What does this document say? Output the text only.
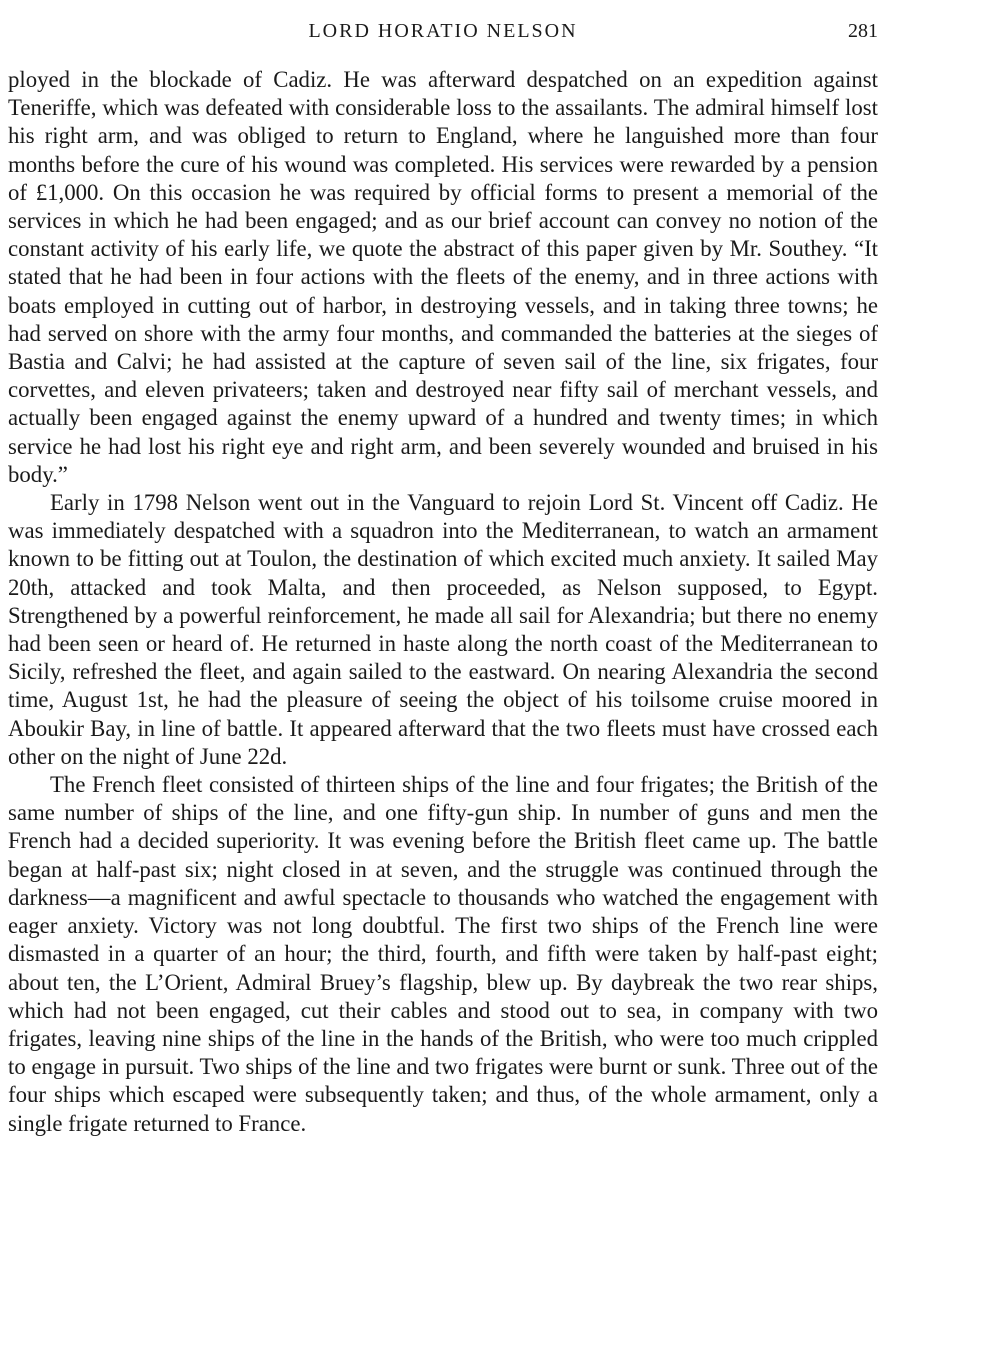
LORD HORATIO NELSON	281

ployed in the blockade of Cadiz. He was afterward despatched on an expedition against Teneriffe, which was defeated with considerable loss to the assailants. The admiral himself lost his right arm, and was obliged to return to England, where he languished more than four months before the cure of his wound was completed. His services were rewarded by a pension of £1,000. On this occasion he was required by official forms to present a memorial of the services in which he had been engaged; and as our brief account can convey no notion of the constant activity of his early life, we quote the abstract of this paper given by Mr. Southey. “It stated that he had been in four actions with the fleets of the enemy, and in three actions with boats employed in cutting out of harbor, in destroying vessels, and in taking three towns; he had served on shore with the army four months, and commanded the batteries at the sieges of Bastia and Calvi; he had assisted at the capture of seven sail of the line, six frigates, four corvettes, and eleven privateers; taken and destroyed near fifty sail of merchant vessels, and actually been engaged against the enemy upward of a hundred and twenty times; in which service he had lost his right eye and right arm, and been severely wounded and bruised in his body.”

Early in 1798 Nelson went out in the Vanguard to rejoin Lord St. Vincent off Cadiz. He was immediately despatched with a squadron into the Mediterranean, to watch an armament known to be fitting out at Toulon, the destination of which excited much anxiety. It sailed May 20th, attacked and took Malta, and then proceeded, as Nelson supposed, to Egypt. Strengthened by a powerful reinforcement, he made all sail for Alexandria; but there no enemy had been seen or heard of. He returned in haste along the north coast of the Mediterranean to Sicily, refreshed the fleet, and again sailed to the eastward. On nearing Alexandria the second time, August 1st, he had the pleasure of seeing the object of his toilsome cruise moored in Aboukir Bay, in line of battle. It appeared afterward that the two fleets must have crossed each other on the night of June 22d.

The French fleet consisted of thirteen ships of the line and four frigates; the British of the same number of ships of the line, and one fifty-gun ship. In number of guns and men the French had a decided superiority. It was evening before the British fleet came up. The battle began at half-past six; night closed in at seven, and the struggle was continued through the darkness—a magnificent and awful spectacle to thousands who watched the engagement with eager anxiety. Victory was not long doubtful. The first two ships of the French line were dismasted in a quarter of an hour; the third, fourth, and fifth were taken by half-past eight; about ten, the L’Orient, Admiral Bruey’s flagship, blew up. By daybreak the two rear ships, which had not been engaged, cut their cables and stood out to sea, in company with two frigates, leaving nine ships of the line in the hands of the British, who were too much crippled to engage in pursuit. Two ships of the line and two frigates were burnt or sunk. Three out of the four ships which escaped were subsequently taken; and thus, of the whole armament, only a single frigate returned to France.
